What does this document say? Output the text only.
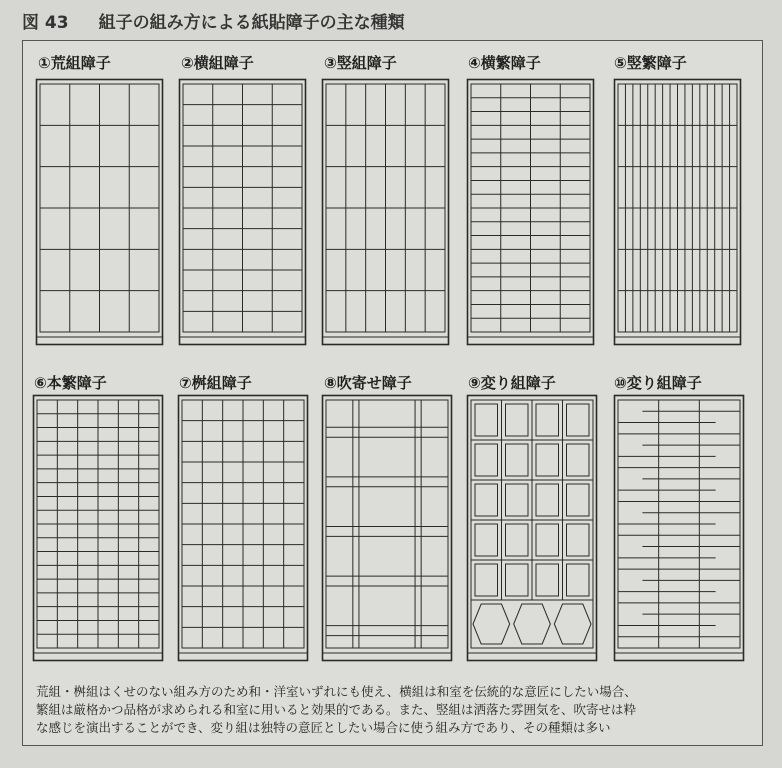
図 43 組子の組み方による紙貼障子の主な種類
①荒組障子	②横組障子	③竪組障子	④横繁障子	⑤竪繁障子
⑥本繁障子	⑦桝組障子	⑧吹寄せ障子	⑨変り組障子	⑩変り組障子
荒組・桝組はくせのない組み方のため和・洋室いずれにも使え、横組は和室を伝統的な意匠にしたい場合、
繁組は厳格かつ品格が求められる和室に用いると効果的である。また、竪組は洒落た雰囲気を、吹寄せは粋
な感じを演出することができ、変り組は独特の意匠としたい場合に使う組み方であり、その種類は多い
